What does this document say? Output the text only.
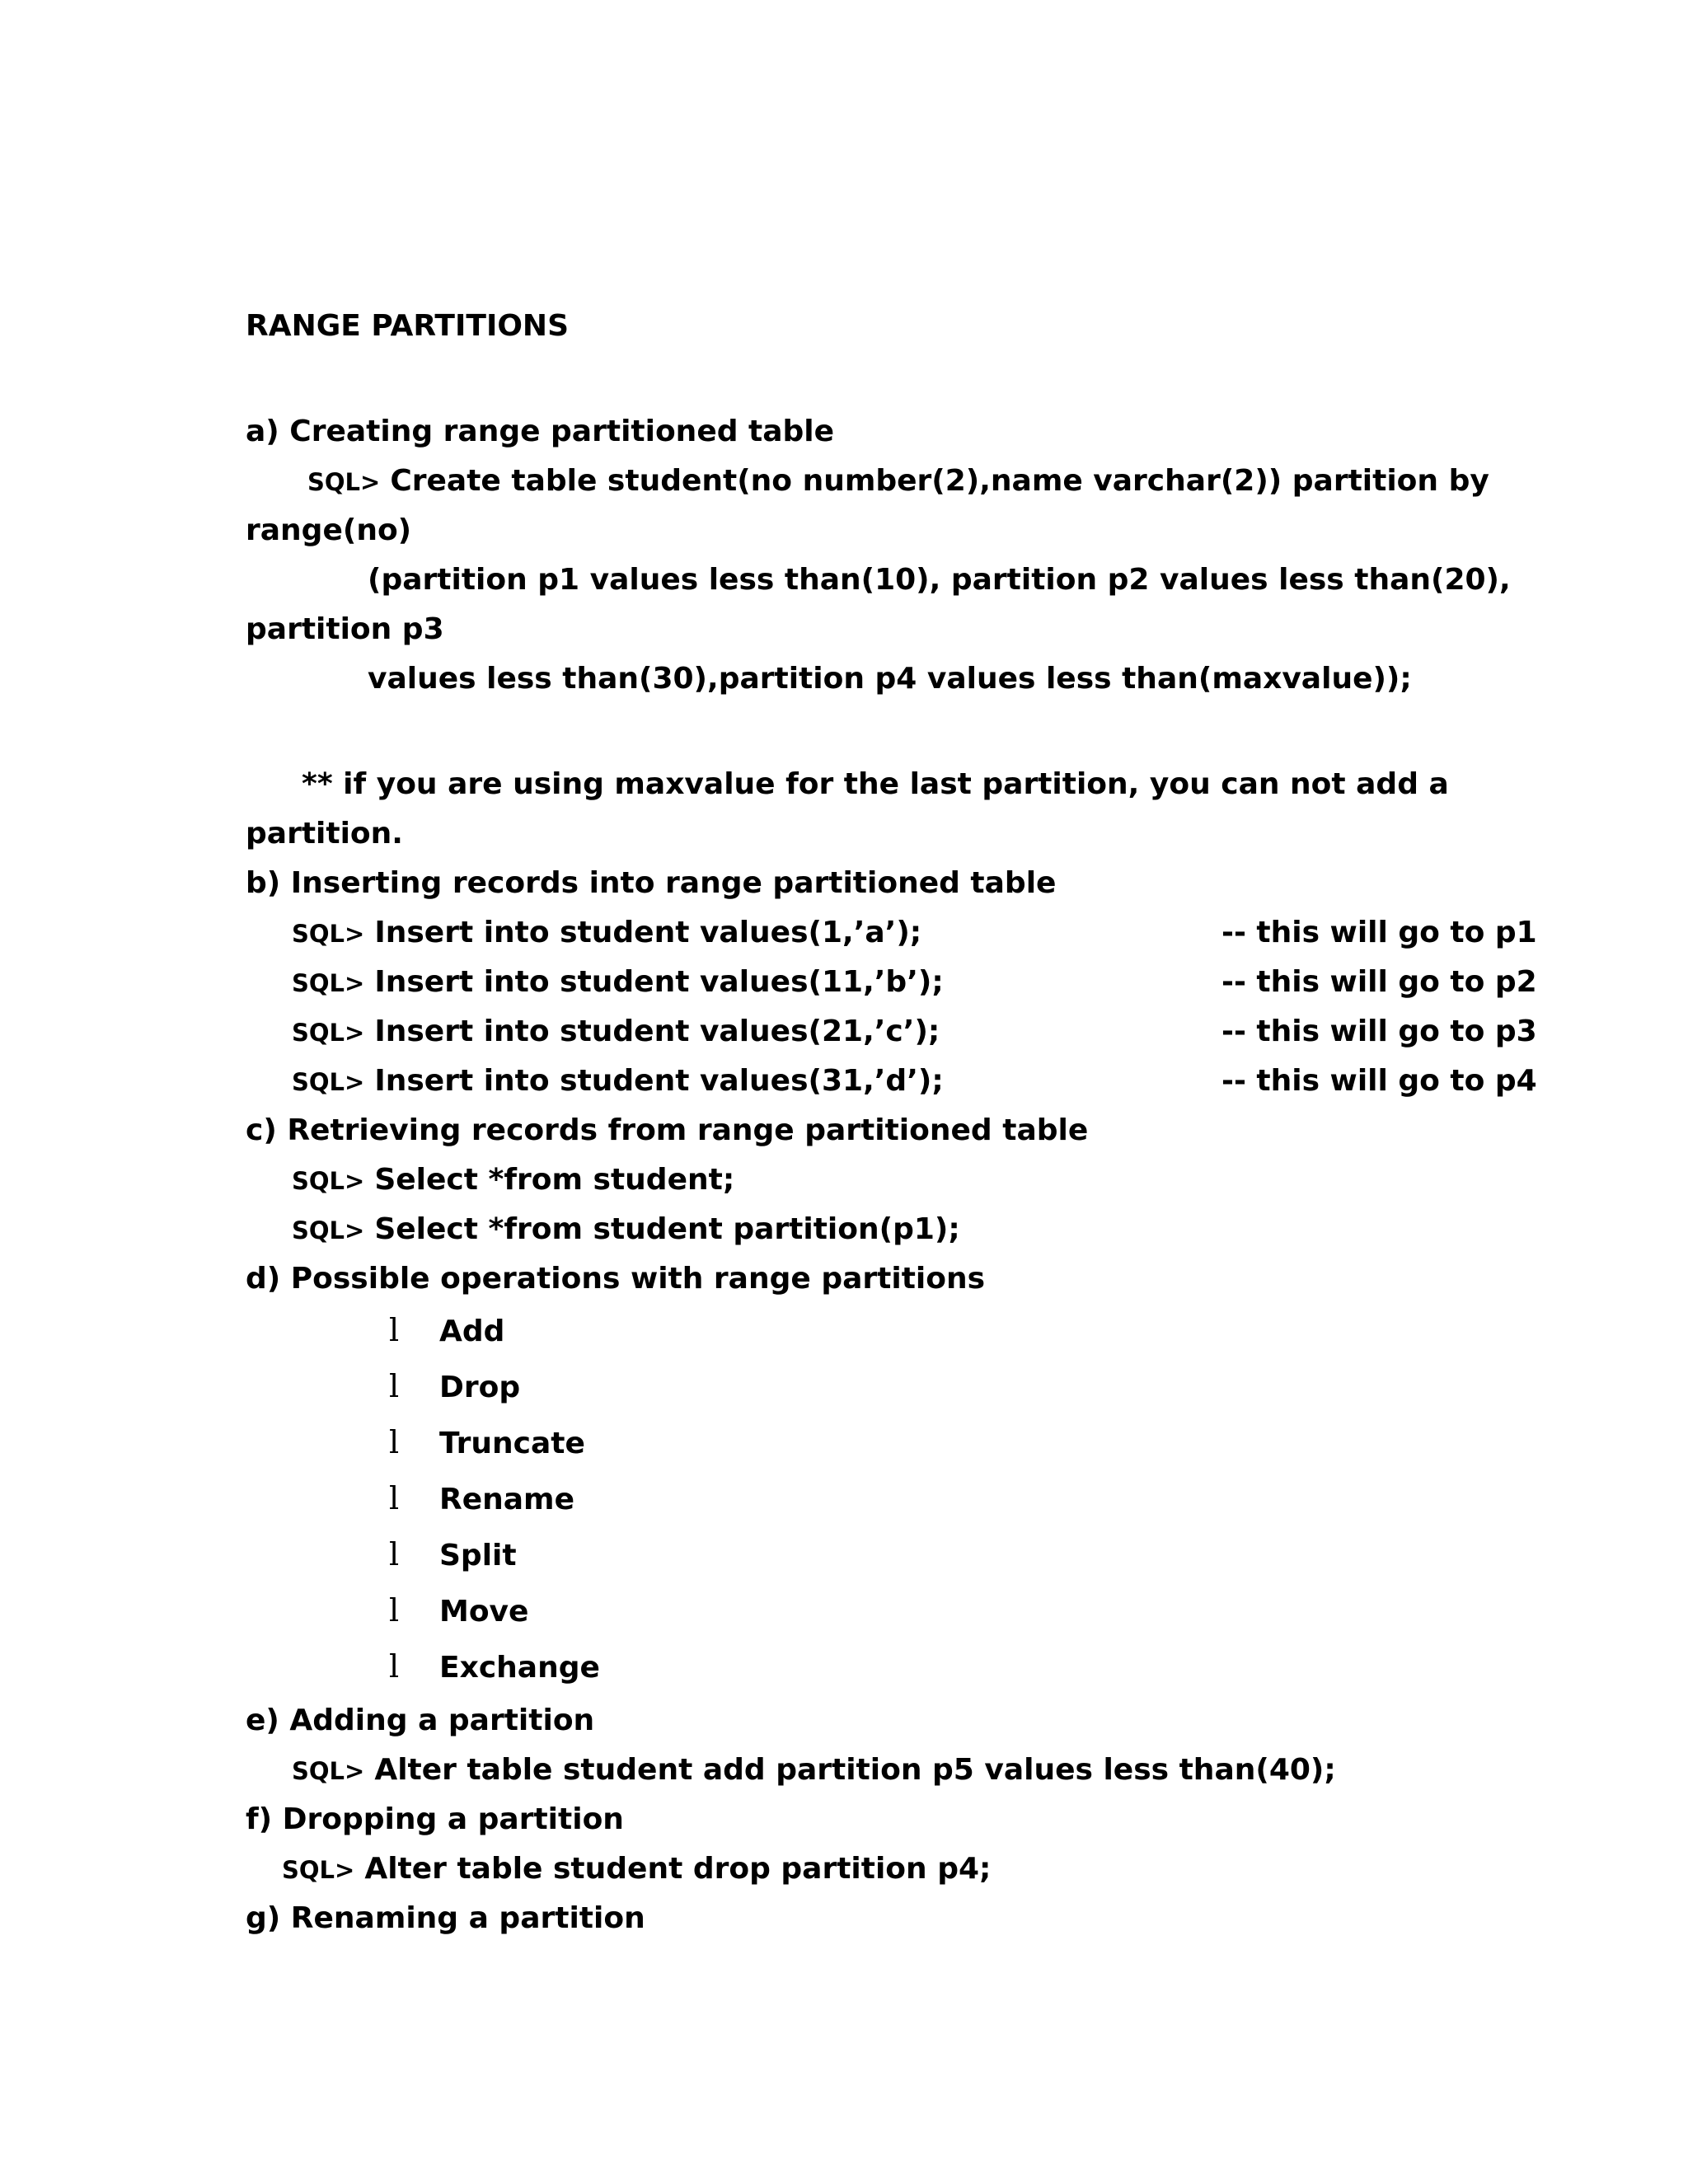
RANGE PARTITIONS
a) Creating range partitioned table
SQL> Create table student(no number(2),name varchar(2)) partition by
range(no)
(partition p1 values less than(10), partition p2 values less than(20),
partition p3
values less than(30),partition p4 values less than(maxvalue));
** if you are using maxvalue for the last partition, you can not add a
partition.
b) Inserting records into range partitioned table
SQL> Insert into student values(1,’a’);	-- this will go to p1
SQL> Insert into student values(11,’b’);	-- this will go to p2
SQL> Insert into student values(21,’c’);	-- this will go to p3
SQL> Insert into student values(31,’d’);	-- this will go to p4
c) Retrieving records from range partitioned table
SQL> Select *from student;
SQL> Select *from student partition(p1);
d) Possible operations with range partitions
l Add
l Drop
l Truncate
l Rename
l Split
l Move
l Exchange
e) Adding a partition
SQL> Alter table student add partition p5 values less than(40);
f) Dropping a partition
SQL> Alter table student drop partition p4;
g) Renaming a partition
